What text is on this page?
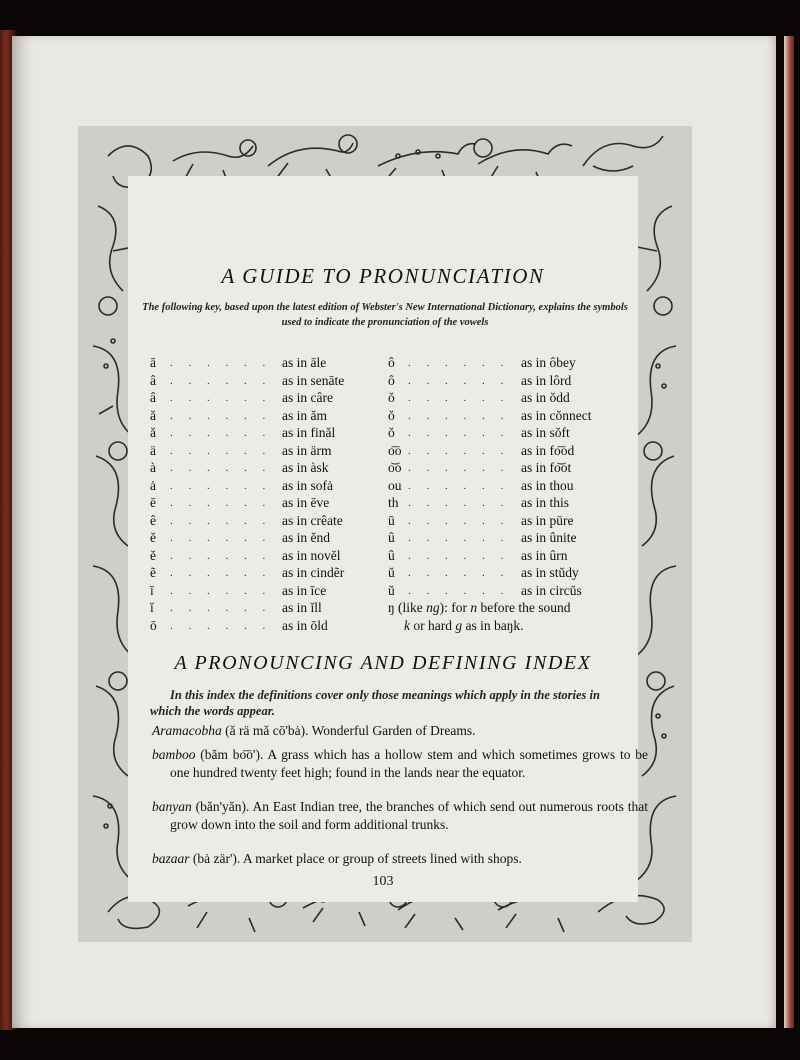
A GUIDE TO PRONUNCIATION
The following key, based upon the latest edition of Webster's New International Dictionary, explains the symbols used to indicate the pronunciation of the vowels
ā	. . . . . . as in āle
â	. . . . . . as in senāte
â	. . . . . . as in câre
ă	. . . . . . as in ăm
ă	. . . . . . as in finăl
ä	. . . . . . as in ärm
à	. . . . . . as in àsk
ȧ	. . . . . . as in sofȧ
ē	. . . . . . as in ēve
ê	. . . . . . as in crêate
ĕ	. . . . . . as in ĕnd
ĕ	. . . . . . as in novĕl
ẽ	. . . . . . as in cindẽr
ī	. . . . . . as in īce
ĭ	. . . . . . as in ĭll
ō	. . . . . . as in ōld
ô	. . . . . . as in ôbey
ô	. . . . . . as in lôrd
ŏ	. . . . . . as in ŏdd
ŏ	. . . . . . as in cŏnnect
ŏ	. . . . . . as in sŏft
o͞o . . . . . . as in fo͞od
o͝o . . . . . . as in fo͝ot
ou . . . . . . as in thou
th . . . . . . as in this
ū	. . . . . . as in pūre
û	. . . . . . as in ûnite
û	. . . . . . as in ûrn
ŭ	. . . . . . as in stŭdy
ŭ	. . . . . . as in circŭs
ŋ (like ng): for n before the sound
k or hard g as in baŋk.
A PRONOUNCING AND DEFINING INDEX
In this index the definitions cover only those meanings which apply in the stories in which the words appear.
Aramacobha (ă rä mă cō'bȧ). Wonderful Garden of Dreams.
bamboo (băm bo͞o'). A grass which has a hollow stem and which sometimes grows to be one hundred twenty feet high; found in the lands near the equator.
banyan (băn'yăn). An East Indian tree, the branches of which send out numerous roots that grow down into the soil and form additional trunks.
bazaar (bȧ zär'). A market place or group of streets lined with shops.
103
